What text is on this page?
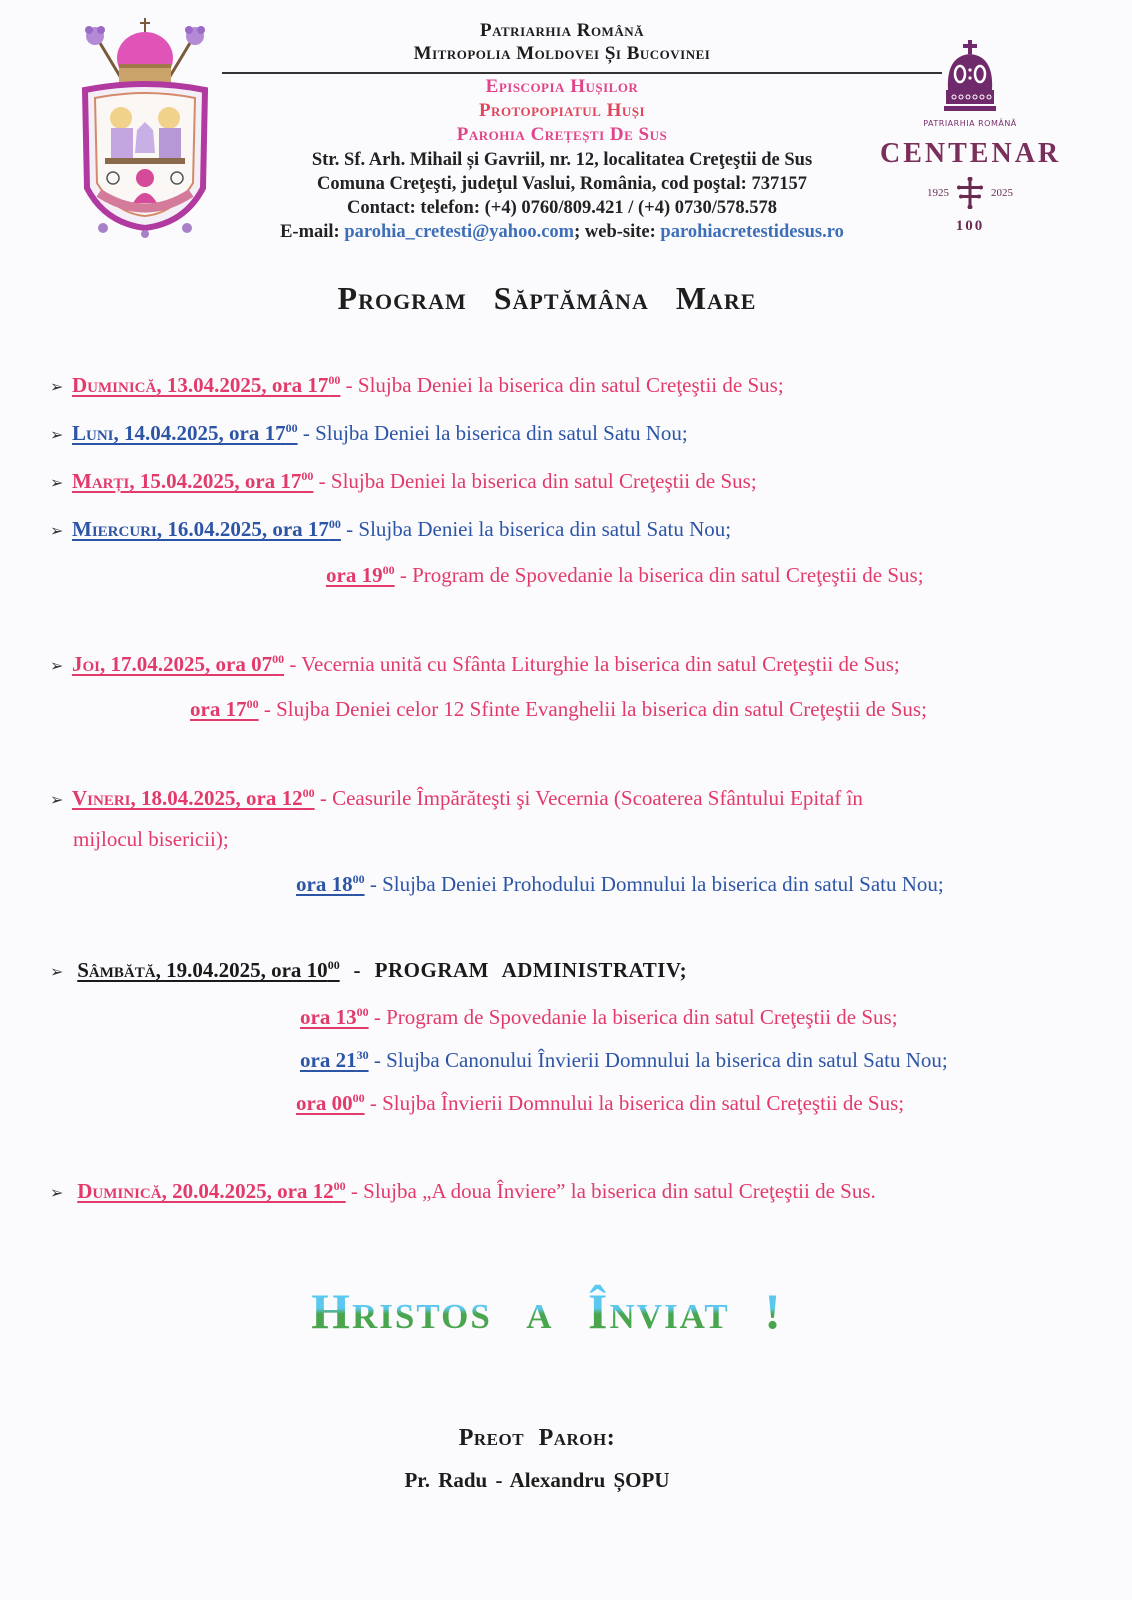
Patriarhia Română
Mitropolia Moldovei Și Bucovinei
Episcopia Hușilor
Protopopiatul Huși
Parohia Crețești De Sus
Str. Sf. Arh. Mihail și Gavriil, nr. 12, localitatea Creţeştii de Sus
Comuna Creţeşti, judeţul Vaslui, România, cod poştal: 737157
Contact: telefon: (+4) 0760/809.421 / (+4) 0730/578.578
E-mail: parohia_cretesti@yahoo.com; web-site: parohiacretestidesus.ro
PATRIARHIA ROMÂNĂ
CENTENAR
1925	2025
100
Program Săptămâna Mare
➢ Duminică, 13.04.2025, ora $17^{00}$ - Slujba Deniei la biserica din satul Creţeştii de Sus;
➢ Luni, 14.04.2025, ora $17^{00}$ - Slujba Deniei la biserica din satul Satu Nou;
➢ Marți, 15.04.2025, ora $17^{00}$ - Slujba Deniei la biserica din satul Creţeştii de Sus;
➢ Miercuri, 16.04.2025, ora $17^{00}$ - Slujba Deniei la biserica din satul Satu Nou;
ora $19^{00}$ - Program de Spovedanie la biserica din satul Creţeştii de Sus;
➢ Joi, 17.04.2025, ora $07^{00}$ - Vecernia unită cu Sfânta Liturghie la biserica din satul Creţeştii de Sus;
ora $17^{00}$ - Slujba Deniei celor 12 Sfinte Evanghelii la biserica din satul Creţeştii de Sus;
➢ Vineri, 18.04.2025, ora $12^{00}$ - Ceasurile Împărăteşti şi Vecernia (Scoaterea Sfântului Epitaf în
mijlocul bisericii);
ora $18^{00}$ - Slujba Deniei Prohodului Domnului la biserica din satul Satu Nou;
➢ Sâmbătă, 19.04.2025, ora $10^{00}$ - PROGRAM ADMINISTRATIV;
ora $13^{00}$ - Program de Spovedanie la biserica din satul Creţeştii de Sus;
ora $21^{30}$ - Slujba Canonului Învierii Domnului la biserica din satul Satu Nou;
ora $00^{00}$ - Slujba Învierii Domnului la biserica din satul Creţeştii de Sus;
➢ Duminică, 20.04.2025, ora $12^{00}$ - Slujba „A doua Înviere” la biserica din satul Creţeştii de Sus.
Hristos a Înviat !
Preot Paroh:
Pr. Radu - Alexandru ȘOPU
